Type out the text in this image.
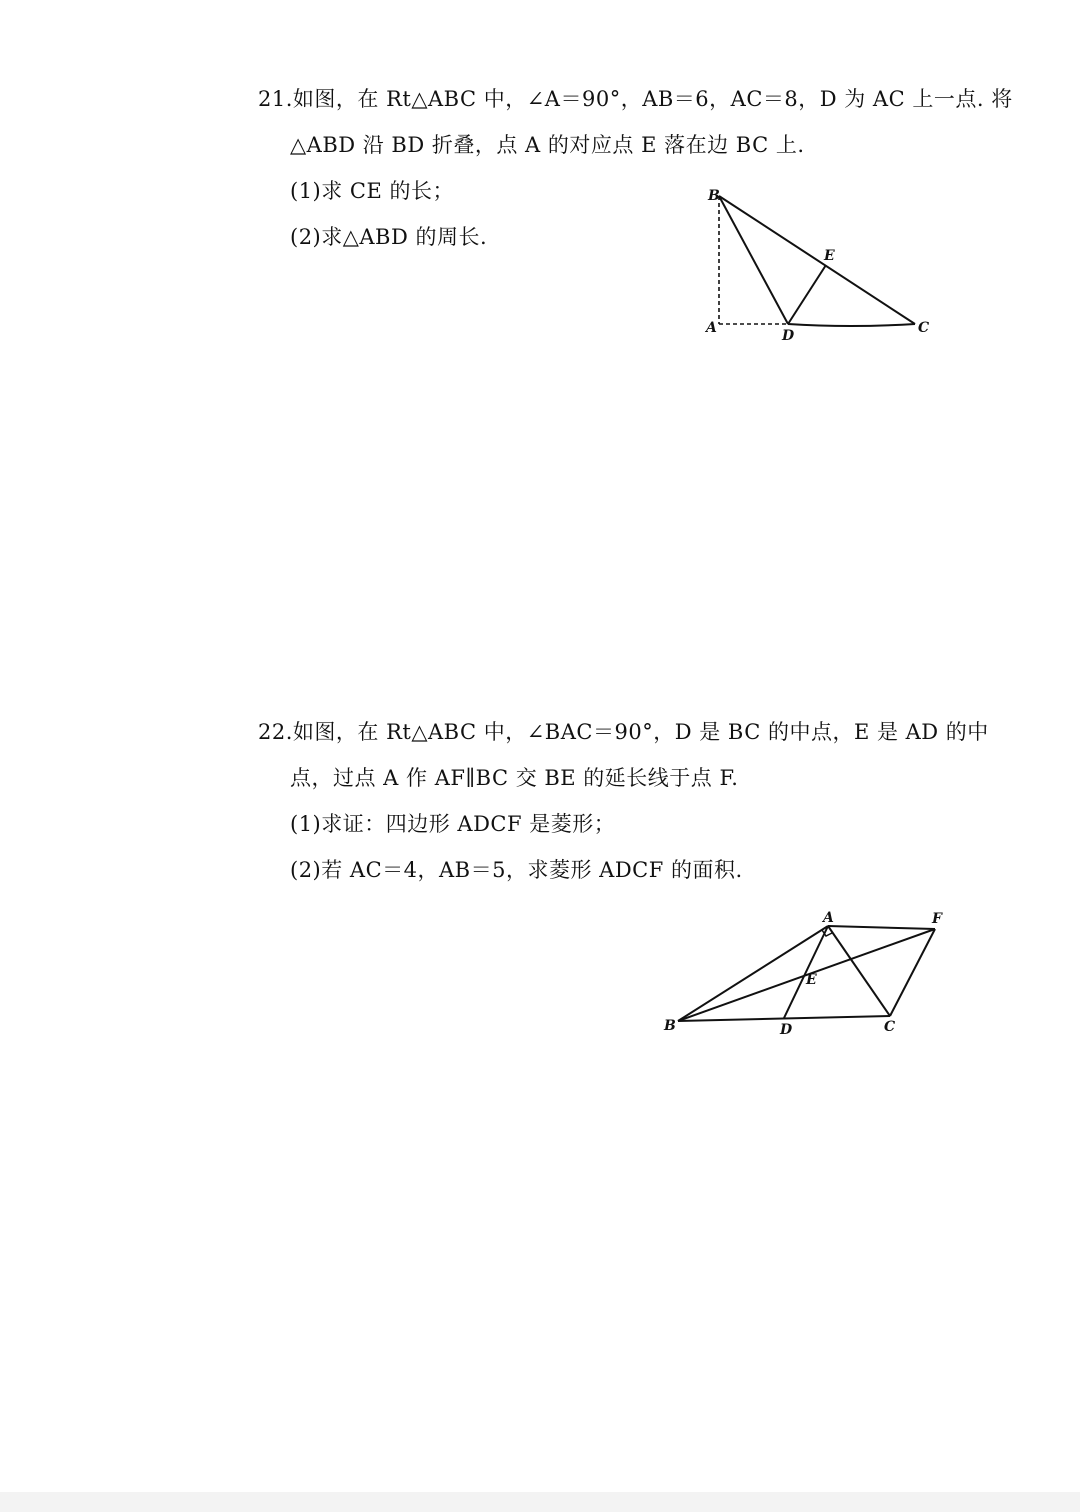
21.如图，在 Rt△ABC 中，∠A＝90°，AB＝6，AC＝8，D 为 AC 上一点. 将
△ABD 沿 BD 折叠，点 A 的对应点 E 落在边 BC 上.
(1)求 CE 的长；
(2)求△ABD 的周长.
B
E
A	D	C
22.如图，在 Rt△ABC 中，∠BAC＝90°，D 是 BC 的中点，E 是 AD 的中
点，过点 A 作 AF∥BC 交 BE 的延长线于点 F.
(1)求证：四边形 ADCF 是菱形；
(2)若 AC＝4，AB＝5，求菱形 ADCF 的面积.
A	F
E
B	D	C
